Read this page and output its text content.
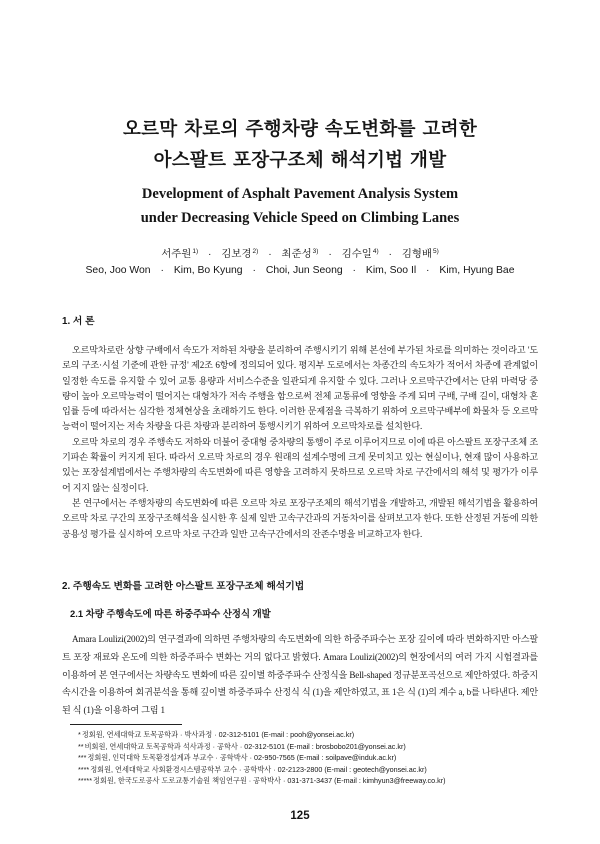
오르막 차로의 주행차량 속도변화를 고려한
아스팔트 포장구조체 해석기법 개발
Development of Asphalt Pavement Analysis System
under Decreasing Vehicle Speed on Climbing Lanes
서주원$^{1)}$ · 김보경$^{2)}$ · 최준성$^{3)}$ · 김수일$^{4)}$ · 김형배$^{5)}$
Seo, Joo Won · Kim, Bo Kyung · Choi, Jun Seong · Kim, Soo Il · Kim, Hyung Bae
1. 서 론

오르막차로란 상향 구배에서 속도가 저하된 차량을 분리하여 주행시키기 위해 본선에 부가된 차로를 의미하는 것이라고 '도로의 구조·시설 기준에 관한 규정' 제2조 6항에 정의되어 있다. 평지부 도로에서는 차종간의 속도차가 적어서 차종에 관계없이 일정한 속도를 유지할 수 있어 교통 용량과 서비스수준을 일관되게 유지할 수 있다. 그러나 오르막구간에서는 단위 마력당 중량이 높아 오르막능력이 떨어지는 대형차가 저속 주행을 함으로써 전체 교통류에 영향을 주게 되며 구배, 구배 길이, 대형차 혼입률 등에 따라서는 심각한 정체현상을 초래하기도 한다. 이러한 문제점을 극복하기 위하여 오르막구배부에 화물차 등 오르막능력이 떨어지는 저속 차량을 다른 차량과 분리하여 통행시키기 위하여 오르막차로를 설치한다.

오르막 차로의 경우 주행속도 저하와 더불어 중대형 중차량의 통행이 주로 이루어지므로 이에 따른 아스팔트 포장구조체 조기파손 확률이 커지게 된다. 따라서 오르막 차로의 경우 원래의 설계수명에 크게 못미치고 있는 현실이나, 현재 많이 사용하고 있는 포장설계법에서는 주행차량의 속도변화에 따른 영향을 고려하지 못하므로 오르막 차로 구간에서의 해석 및 평가가 이루어 지지 않는 실정이다.

본 연구에서는 주행차량의 속도변화에 따른 오르막 차로 포장구조체의 해석기법을 개발하고, 개발된 해석기법을 활용하여 오르막 차로 구간의 포장구조해석을 실시한 후 실제 일반 고속구간과의 거동차이를 살펴보고자 한다. 또한 산정된 거동에 의한 공용성 평가를 실시하여 오르막 차로 구간과 일반 고속구간에서의 잔존수명을 비교하고자 한다.

2. 주행속도 변화를 고려한 아스팔트 포장구조체 해석기법
2.1 차량 주행속도에 따른 하중주파수 산정식 개발

Amara Loulizi(2002)의 연구결과에 의하면 주행차량의 속도변화에 의한 하중주파수는 포장 깊이에 따라 변화하지만 아스팔트 포장 재료와 온도에 의한 하중주파수 변화는 거의 없다고 밝혔다. Amara Loulizi(2002)의 현장에서의 여러 가지 시험결과를 이용하여 본 연구에서는 차량속도 변화에 따른 깊이별 하중주파수 산정식을 Bell-shaped 정규분포곡선으로 제안하였다. 하중지속시간을 이용하여 회귀분석을 통해 깊이별 하중주파수 산정식 식 (1)을 제안하였고, 표 1은 식 (1)의 계수 a, b를 나타낸다. 제안된 식 (1)을 이용하여 그림 1

*정회원, 연세대학교 토목공학과 · 박사과정 · 02-312-5101 (E-mail : pooh@yonsei.ac.kr)
**비회원, 연세대학교 토목공학과 석사과정 · 공학사 · 02-312-5101 (E-mail : brosbobo201@yonsei.ac.kr)
***정회원, 인덕대학 토목환경설계과 부교수 · 공학박사 · 02-950-7565 (E-mail : soilpave@induk.ac.kr)
****정회원, 연세대학교 사회환경시스템공학부 교수 · 공학박사 · 02-2123-2800 (E-mail : geotech@yonsei.ac.kr)
*****정회원, 한국도로공사 도로교통기술원 책임연구원 · 공학박사 · 031-371-3437 (E-mail : kimhyun3@freeway.co.kr)
125
